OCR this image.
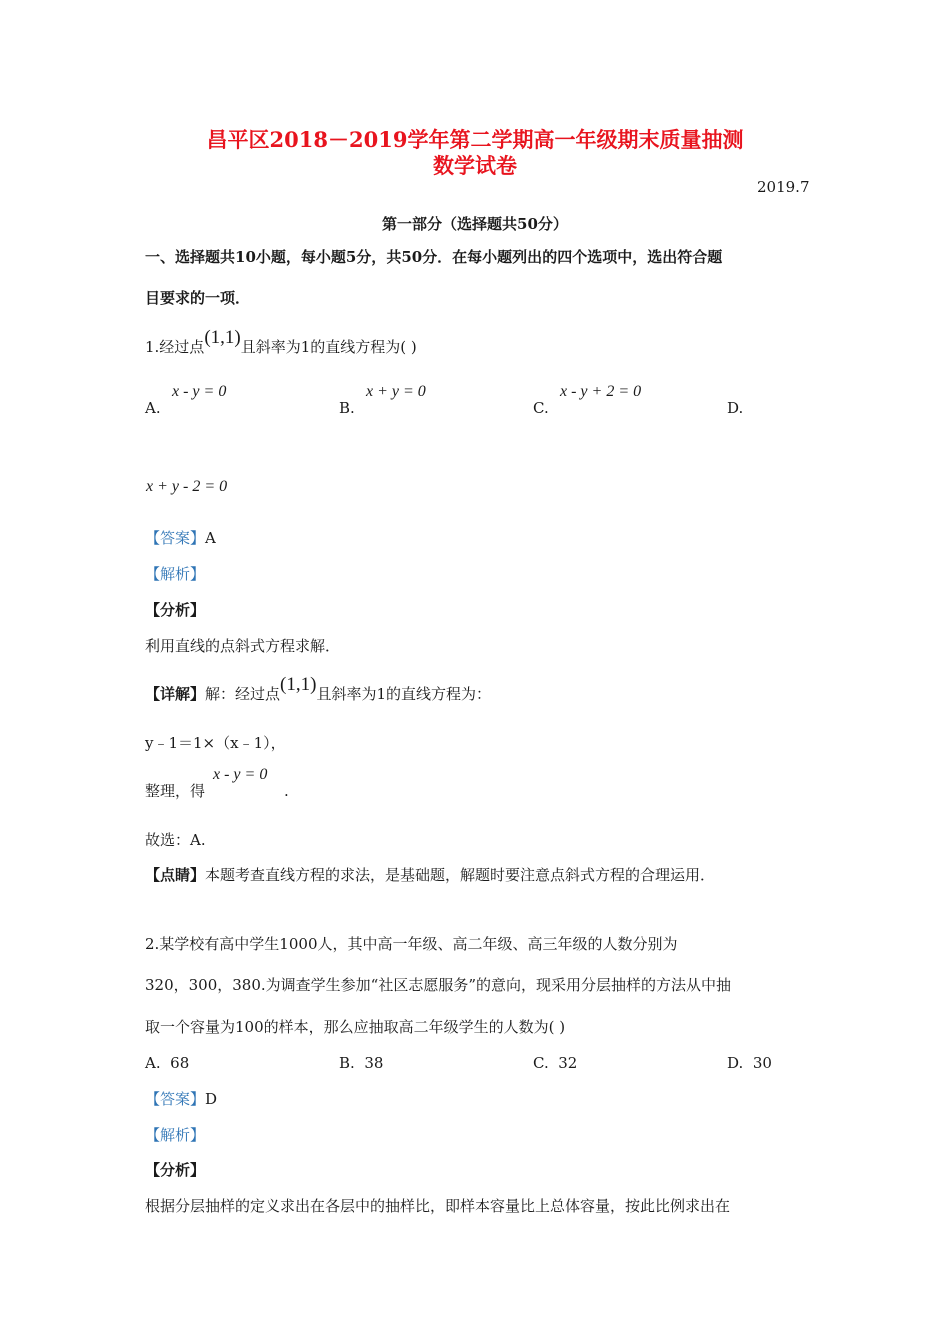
昌平区2018－2019学年第二学期高一年级期末质量抽测
数学试卷
2019.7
第一部分（选择题共50分）
一、选择题共10小题，每小题5分，共50分．在每小题列出的四个选项中，选出符合题
目要求的一项．
1.经过点(1,1)且斜率为1的直线方程为( )
A.
x - y = 0
B.
x + y = 0
C.
x - y + 2 = 0
D.
x + y - 2 = 0
【答案】A
【解析】
【分析】
利用直线的点斜式方程求解．
【详解】解：经过点(1,1)且斜率为1的直线方程为：
y﹣1＝1×（x﹣1），
整理，得
x - y = 0
.
故选：A.
【点睛】本题考查直线方程的求法，是基础题，解题时要注意点斜式方程的合理运用．
2.某学校有高中学生1000人，其中高一年级、高二年级、高三年级的人数分别为
320，300，380.为调查学生参加“社区志愿服务”的意向，现采用分层抽样的方法从中抽
取一个容量为100的样本，那么应抽取高二年级学生的人数为( )
A. 68	B. 38	C. 32	D. 30
【答案】D
【解析】
【分析】
根据分层抽样的定义求出在各层中的抽样比，即样本容量比上总体容量，按此比例求出在
